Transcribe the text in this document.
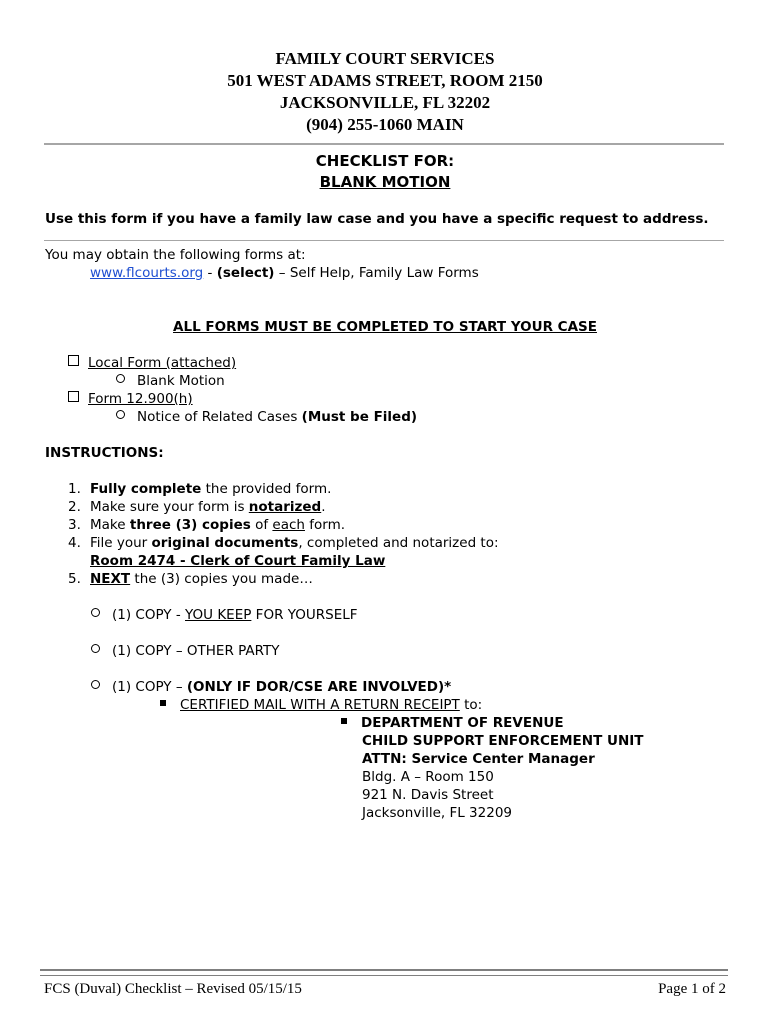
FAMILY COURT SERVICES
501 WEST ADAMS STREET, ROOM 2150
JACKSONVILLE, FL 32202
(904) 255-1060 MAIN
CHECKLIST FOR:
BLANK MOTION
Use this form if you have a family law case and you have a specific request to address.
You may obtain the following forms at:
www.flcourts.org - (select) – Self Help, Family Law Forms
ALL FORMS MUST BE COMPLETED TO START YOUR CASE
Local Form (attached)
Blank Motion
Form 12.900(h)
Notice of Related Cases (Must be Filed)
INSTRUCTIONS:
1. Fully complete the provided form.
2. Make sure your form is notarized.
3. Make three (3) copies of each form.
4. File your original documents, completed and notarized to:
Room 2474 - Clerk of Court Family Law
5. NEXT the (3) copies you made…
(1) COPY - YOU KEEP FOR YOURSELF
(1) COPY – OTHER PARTY
(1) COPY – (ONLY IF DOR/CSE ARE INVOLVED)*
CERTIFIED MAIL WITH A RETURN RECEIPT to:
DEPARTMENT OF REVENUE
CHILD SUPPORT ENFORCEMENT UNIT
ATTN: Service Center Manager
Bldg. A – Room 150
921 N. Davis Street
Jacksonville, FL 32209
FCS (Duval) Checklist – Revised 05/15/15	Page 1 of 2
